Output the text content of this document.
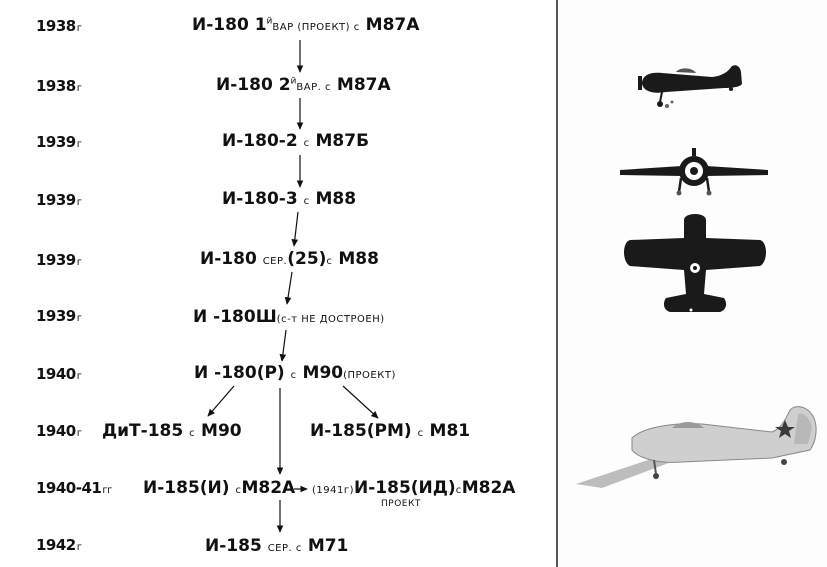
1938г
1938г
1939г
1939г
1939г
1939г
1940г
1940г
1940-41гг
1942г
И-180 $1^йВАР$ (ПРОЕКТ) с М87А
И-180 $2^йВАР$. с М87А
И-180-2 с М87Б
И-180-3 с М88
И-180 СЕР.(25)с М88
И -180Ш(с-т НЕ ДОСТРОЕН)
И -180(Р) с М90(ПРОЕКТ)
ДиТ-185 с М90	И-185(РМ) с М81
И-185(И) сМ82А (1941г)И-185(ИД)сМ82А
ПРОЕКТ
И-185 СЕР. с М71
